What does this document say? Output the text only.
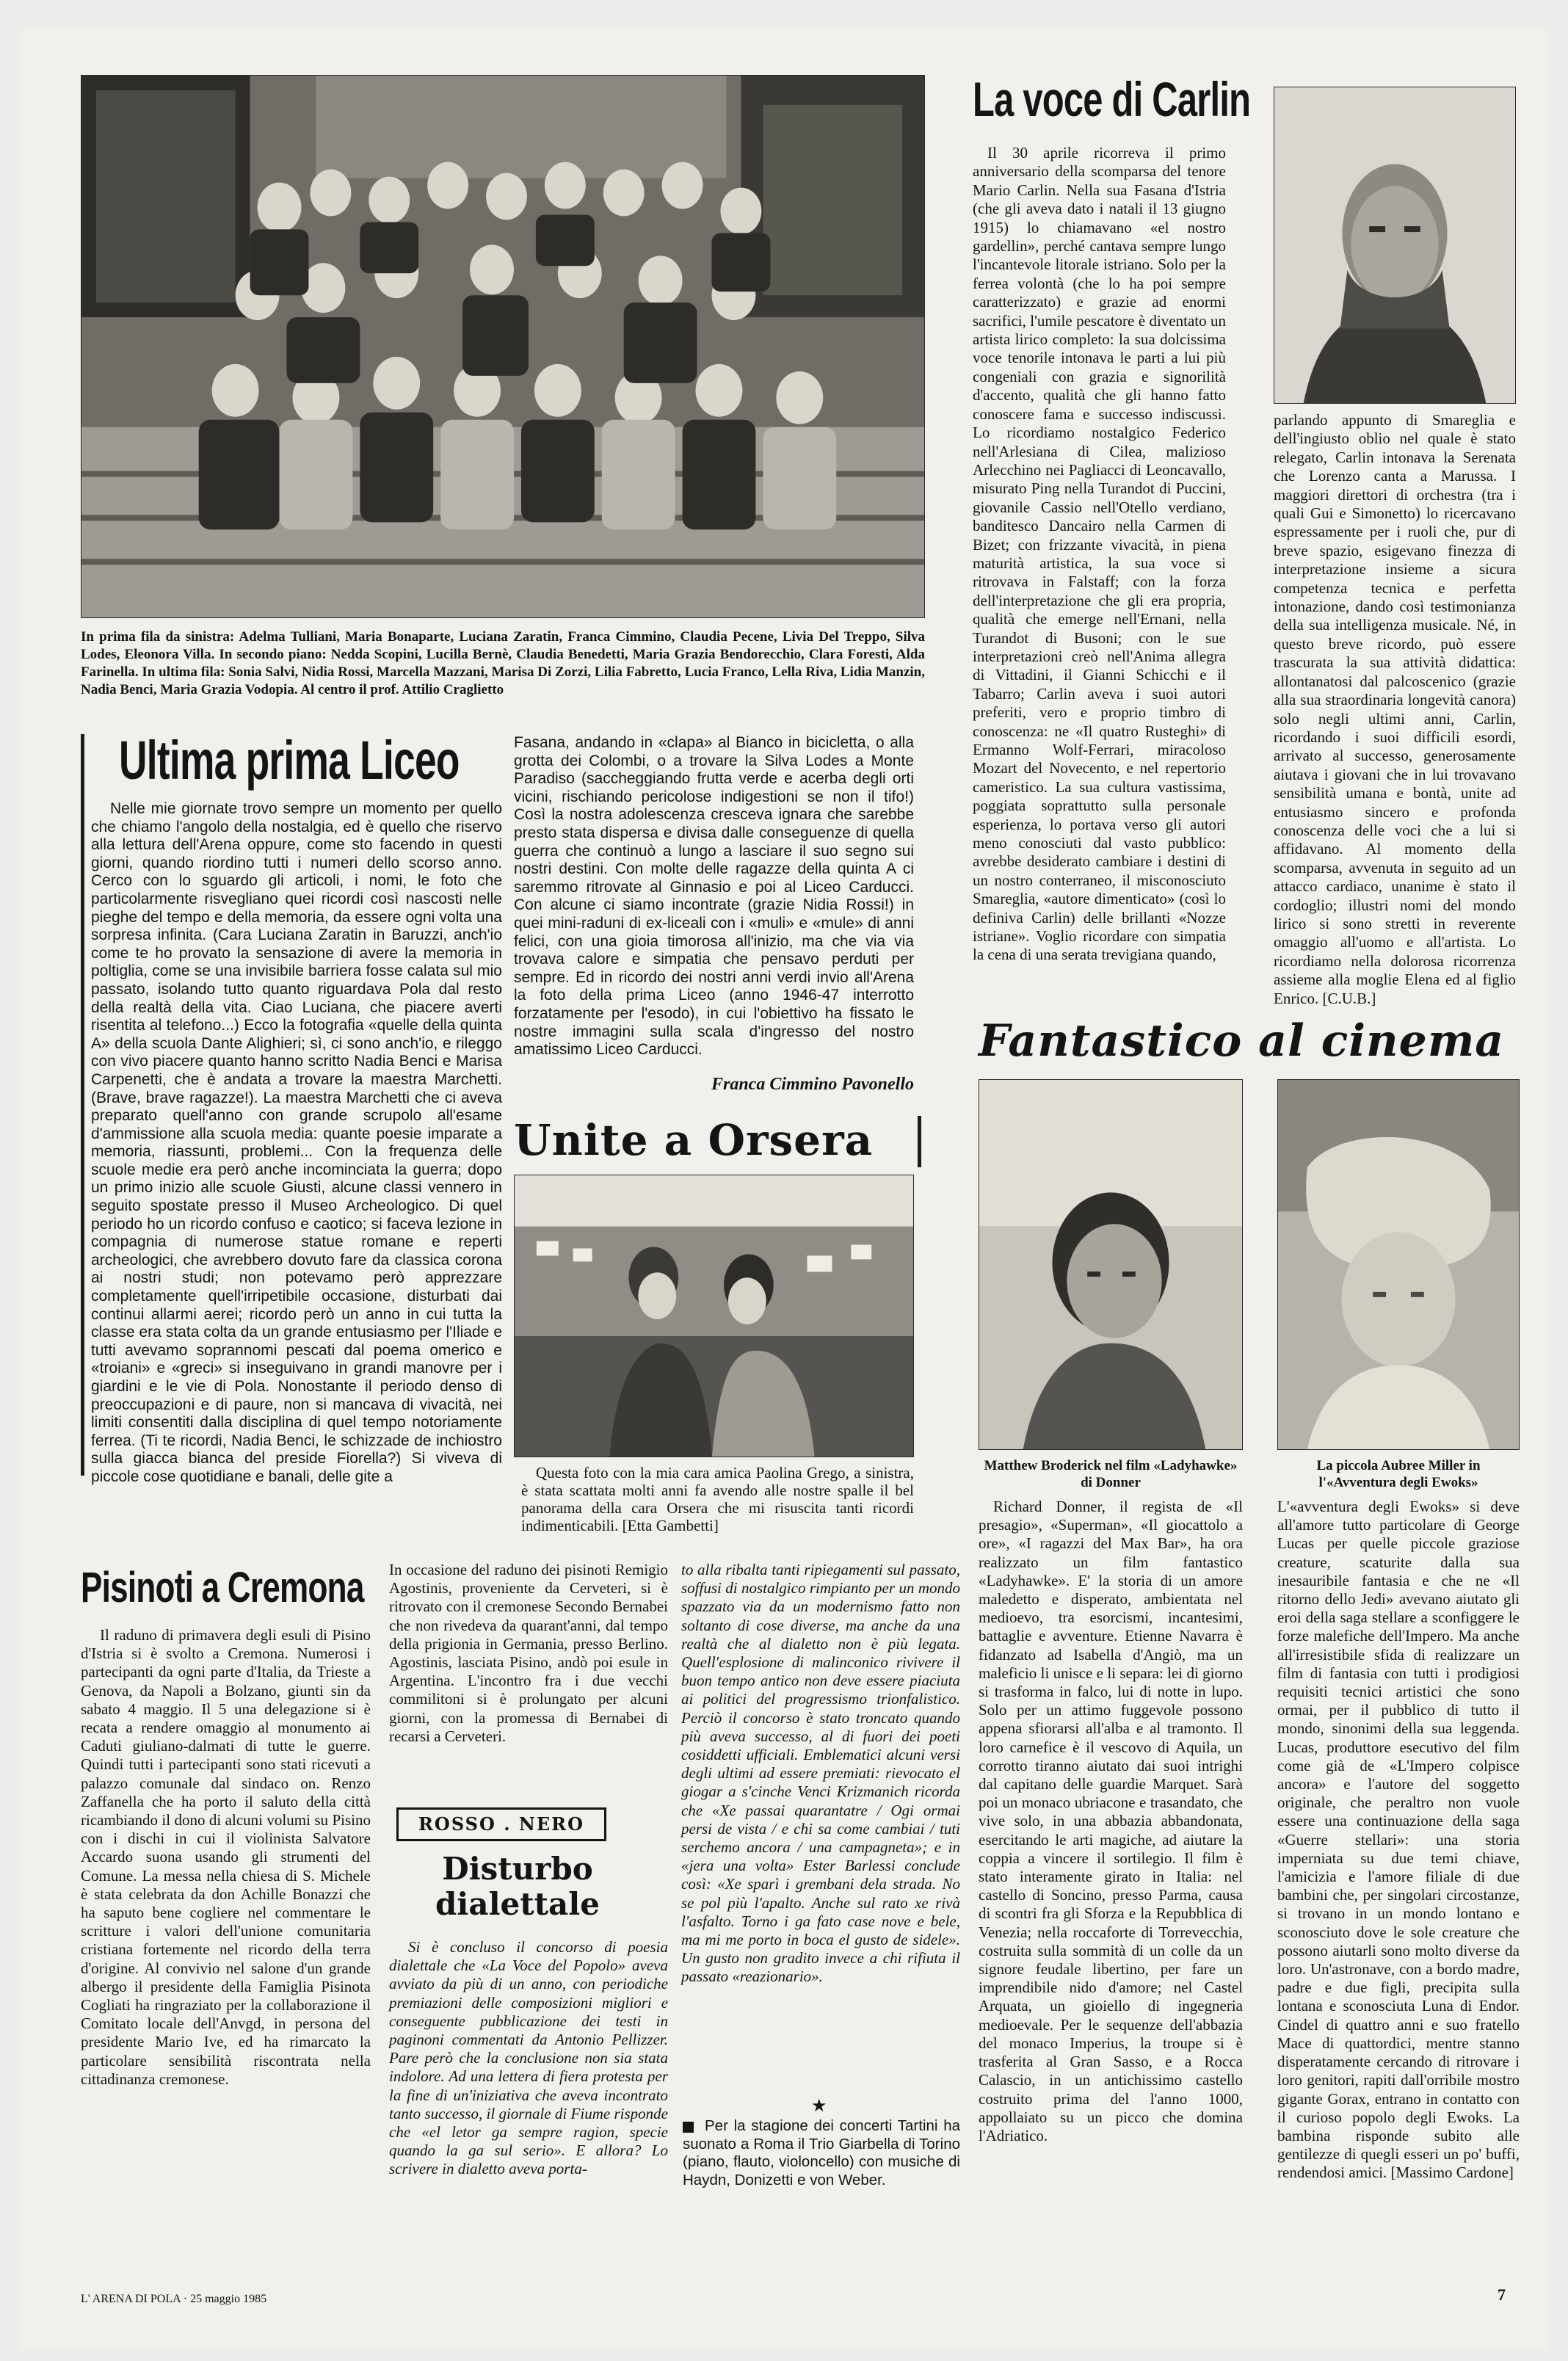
In prima fila da sinistra: Adelma Tulliani, Maria Bonaparte, Luciana Zaratin, Franca Cimmino, Claudia Pecene, Livia Del Treppo, Silva Lodes, Eleonora Villa. In secondo piano: Nedda Scopini, Lucilla Bernè, Claudia Benedetti, Maria Grazia Bendorecchio, Clara Foresti, Alda Farinella. In ultima fila: Sonia Salvi, Nidia Rossi, Marcella Mazzani, Marisa Di Zorzi, Lilia Fabretto, Lucia Franco, Lella Riva, Lidia Manzin, Nadia Benci, Maria Grazia Vodopia. Al centro il prof. Attilio Craglietto
La voce di Carlin

Il 30 aprile ricorreva il primo anniversario della scomparsa del tenore Mario Carlin. Nella sua Fasana d'Istria (che gli aveva dato i natali il 13 giugno 1915) lo chiamavano «el nostro gardellin», perché cantava sempre lungo l'incantevole litorale istriano. Solo per la ferrea volontà (che lo ha poi sempre caratterizzato) e grazie ad enormi sacrifici, l'umile pescatore è diventato un artista lirico completo: la sua dolcissima voce tenorile intonava le parti a lui più congeniali con grazia e signorilità d'accento, qualità che gli hanno fatto conoscere fama e successo indiscussi. Lo ricordiamo nostalgico Federico nell'Arlesiana di Cilea, malizioso Arlecchino nei Pagliacci di Leoncavallo, misurato Ping nella Turandot di Puccini, giovanile Cassio nell'Otello verdiano, banditesco Dancairo nella Carmen di Bizet; con frizzante vivacità, in piena maturità artistica, la sua voce si ritrovava in Falstaff; con la forza dell'interpretazione che gli era propria, qualità che emerge nell'Ernani, nella Turandot di Busoni; con le sue interpretazioni creò nell'Anima allegra di Vittadini, il Gianni Schicchi e il Tabarro; Carlin aveva i suoi autori preferiti, vero e proprio timbro di conoscenza: ne «Il quatro Rusteghi» di Ermanno Wolf-Ferrari, miracoloso Mozart del Novecento, e nel repertorio cameristico. La sua cultura vastissima, poggiata soprattutto sulla personale esperienza, lo portava verso gli autori meno conosciuti dal vasto pubblico: avrebbe desiderato cambiare i destini di un nostro conterraneo, il misconosciuto Smareglia, «autore dimenticato» (così lo definiva Carlin) delle brillanti «Nozze istriane». Voglio ricordare con simpatia la cena di una serata trevigiana quando,

parlando appunto di Smareglia e dell'ingiusto oblio nel quale è stato relegato, Carlin intonava la Serenata che Lorenzo canta a Marussa. I maggiori direttori di orchestra (tra i quali Gui e Simonetto) lo ricercavano espressamente per i ruoli che, pur di breve spazio, esigevano finezza di interpretazione insieme a sicura competenza tecnica e perfetta intonazione, dando così testimonianza della sua intelligenza musicale. Né, in questo breve ricordo, può essere trascurata la sua attività didattica: allontanatosi dal palcoscenico (grazie alla sua straordinaria longevità canora) solo negli ultimi anni, Carlin, ricordando i suoi difficili esordi, arrivato al successo, generosamente aiutava i giovani che in lui trovavano sensibilità umana e bontà, unite ad entusiasmo sincero e profonda conoscenza delle voci che a lui si affidavano. Al momento della scomparsa, avvenuta in seguito ad un attacco cardiaco, unanime è stato il cordoglio; illustri nomi del mondo lirico si sono stretti in reverente omaggio all'uomo e all'artista. Lo ricordiamo nella dolorosa ricorrenza assieme alla moglie Elena ed al figlio Enrico. [C.U.B.]

Ultima prima Liceo

Nelle mie giornate trovo sempre un momento per quello che chiamo l'angolo della nostalgia, ed è quello che riservo alla lettura dell'Arena oppure, come sto facendo in questi giorni, quando riordino tutti i numeri dello scorso anno. Cerco con lo sguardo gli articoli, i nomi, le foto che particolarmente risvegliano quei ricordi così nascosti nelle pieghe del tempo e della memoria, da essere ogni volta una sorpresa infinita. (Cara Luciana Zaratin in Baruzzi, anch'io come te ho provato la sensazione di avere la memoria in poltiglia, come se una invisibile barriera fosse calata sul mio passato, isolando tutto quanto riguardava Pola dal resto della realtà della vita. Ciao Luciana, che piacere averti risentita al telefono...) Ecco la fotografia «quelle della quinta A» della scuola Dante Alighieri; sì, ci sono anch'io, e rileggo con vivo piacere quanto hanno scritto Nadia Benci e Marisa Carpenetti, che è andata a trovare la maestra Marchetti. (Brave, brave ragazze!). La maestra Marchetti che ci aveva preparato quell'anno con grande scrupolo all'esame d'ammissione alla scuola media: quante poesie imparate a memoria, riassunti, problemi... Con la frequenza delle scuole medie era però anche incominciata la guerra; dopo un primo inizio alle scuole Giusti, alcune classi vennero in seguito spostate presso il Museo Archeologico. Di quel periodo ho un ricordo confuso e caotico; si faceva lezione in compagnia di numerose statue romane e reperti archeologici, che avrebbero dovuto fare da classica corona ai nostri studi; non potevamo però apprezzare completamente quell'irripetibile occasione, disturbati dai continui allarmi aerei; ricordo però un anno in cui tutta la classe era stata colta da un grande entusiasmo per l'Iliade e tutti avevamo soprannomi pescati dal poema omerico e «troiani» e «greci» si inseguivano in grandi manovre per i giardini e le vie di Pola. Nonostante il periodo denso di preoccupazioni e di paure, non si mancava di vivacità, nei limiti consentiti dalla disciplina di quel tempo notoriamente ferrea. (Ti te ricordi, Nadia Benci, le schizzade de inchiostro sulla giacca bianca del preside Fiorella?) Si viveva di piccole cose quotidiane e banali, delle gite a

Fasana, andando in «clapa» al Bianco in bicicletta, o alla grotta dei Colombi, o a trovare la Silva Lodes a Monte Paradiso (saccheggiando frutta verde e acerba degli orti vicini, rischiando pericolose indigestioni se non il tifo!) Così la nostra adolescenza cresceva ignara che sarebbe presto stata dispersa e divisa dalle conseguenze di quella guerra che continuò a lungo a lasciare il suo segno sui nostri destini. Con molte delle ragazze della quinta A ci saremmo ritrovate al Ginnasio e poi al Liceo Carducci. Con alcune ci siamo incontrate (grazie Nidia Rossi!) in quei mini-raduni di ex-liceali con i «muli» e «mule» di anni felici, con una gioia timorosa all'inizio, ma che via via trovava calore e simpatia che pensavo perduti per sempre. Ed in ricordo dei nostri anni verdi invio all'Arena la foto della prima Liceo (anno 1946-47 interrotto forzatamente per l'esodo), in cui l'obiettivo ha fissato le nostre immagini sulla scala d'ingresso del nostro amatissimo Liceo Carducci.

Franca Cimmino Pavonello
Unite a Orsera
Questa foto con la mia cara amica Paolina Grego, a sinistra, è stata scattata molti anni fa avendo alle nostre spalle il bel panorama della cara Orsera che mi risuscita tanti ricordi indimenticabili. [Etta Gambetti]
Fantastico al cinema
Matthew Broderick nel film «Ladyhawke» di Donner
La piccola Aubree Miller in l'«Avventura degli Ewoks»

Richard Donner, il regista de «Il presagio», «Superman», «Il giocattolo a ore», «I ragazzi del Max Bar», ha ora realizzato un film fantastico «Ladyhawke». E' la storia di un amore maledetto e disperato, ambientata nel medioevo, tra esorcismi, incantesimi, battaglie e avventure. Etienne Navarra è fidanzato ad Isabella d'Angiò, ma un maleficio li unisce e li separa: lei di giorno si trasforma in falco, lui di notte in lupo. Solo per un attimo fuggevole possono appena sfiorarsi all'alba e al tramonto. Il loro carnefice è il vescovo di Aquila, un corrotto tiranno aiutato dai suoi intrighi dal capitano delle guardie Marquet. Sarà poi un monaco ubriacone e trasandato, che vive solo, in una abbazia abbandonata, esercitando le arti magiche, ad aiutare la coppia a vincere il sortilegio. Il film è stato interamente girato in Italia: nel castello di Soncino, presso Parma, causa di scontri fra gli Sforza e la Repubblica di Venezia; nella roccaforte di Torrevecchia, costruita sulla sommità di un colle da un signore feudale libertino, per fare un imprendibile nido d'amore; nel Castel Arquata, un gioiello di ingegneria medioevale. Per le sequenze dell'abbazia del monaco Imperius, la troupe si è trasferita al Gran Sasso, e a Rocca Calascio, in un antichissimo castello costruito prima del l'anno 1000, appollaiato su un picco che domina l'Adriatico.

L'«avventura degli Ewoks» si deve all'amore tutto particolare di George Lucas per quelle piccole graziose creature, scaturite dalla sua inesauribile fantasia e che ne «Il ritorno dello Jedi» avevano aiutato gli eroi della saga stellare a sconfiggere le forze malefiche dell'Impero. Ma anche all'irresistibile sfida di realizzare un film di fantasia con tutti i prodigiosi requisiti tecnici artistici che sono ormai, per il pubblico di tutto il mondo, sinonimi della sua leggenda. Lucas, produttore esecutivo del film come già de «L'Impero colpisce ancora» e l'autore del soggetto originale, che peraltro non vuole essere una continuazione della saga «Guerre stellari»: una storia imperniata su due temi chiave, l'amicizia e l'amore filiale di due bambini che, per singolari circostanze, si trovano in un mondo lontano e sconosciuto dove le sole creature che possono aiutarli sono molto diverse da loro. Un'astronave, con a bordo madre, padre e due figli, precipita sulla lontana e sconosciuta Luna di Endor. Cindel di quattro anni e suo fratello Mace di quattordici, mentre stanno disperatamente cercando di ritrovare i loro genitori, rapiti dall'orribile mostro gigante Gorax, entrano in contatto con il curioso popolo degli Ewoks. La bambina risponde subito alle gentilezze di quegli esseri un po' buffi, rendendosi amici. [Massimo Cardone]

Pisinoti a Cremona

Il raduno di primavera degli esuli di Pisino d'Istria si è svolto a Cremona. Numerosi i partecipanti da ogni parte d'Italia, da Trieste a Genova, da Napoli a Bolzano, giunti sin da sabato 4 maggio. Il 5 una delegazione si è recata a rendere omaggio al monumento ai Caduti giuliano-dalmati di tutte le guerre. Quindi tutti i partecipanti sono stati ricevuti a palazzo comunale dal sindaco on. Renzo Zaffanella che ha porto il saluto della città ricambiando il dono di alcuni volumi su Pisino con i dischi in cui il violinista Salvatore Accardo suona usando gli strumenti del Comune. La messa nella chiesa di S. Michele è stata celebrata da don Achille Bonazzi che ha saputo bene cogliere nel commentare le scritture i valori dell'unione comunitaria cristiana fortemente nel ricordo della terra d'origine. Al convivio nel salone d'un grande albergo il presidente della Famiglia Pisinota Cogliati ha ringraziato per la collaborazione il Comitato locale dell'Anvgd, in persona del presidente Mario Ive, ed ha rimarcato la particolare sensibilità riscontrata nella cittadinanza cremonese.

In occasione del raduno dei pisinoti Remigio Agostinis, proveniente da Cerveteri, si è ritrovato con il cremonese Secondo Bernabei che non rivedeva da quarant'anni, dal tempo della prigionia in Germania, presso Berlino. Agostinis, lasciata Pisino, andò poi esule in Argentina. L'incontro fra i due vecchi commilitoni si è prolungato per alcuni giorni, con la promessa di Bernabei di recarsi a Cerveteri.

ROSSO . NERO
Disturbo dialettale

Si è concluso il concorso di poesia dialettale che «La Voce del Popolo» aveva avviato da più di un anno, con periodiche premiazioni delle composizioni migliori e conseguente pubblicazione dei testi in paginoni commentati da Antonio Pellizzer. Pare però che la conclusione non sia stata indolore. Ad una lettera di fiera protesta per la fine di un'iniziativa che aveva incontrato tanto successo, il giornale di Fiume risponde che «el letor ga sempre ragion, specie quando la ga sul serio». E allora? Lo scrivere in dialetto aveva porta-

to alla ribalta tanti ripiegamenti sul passato, soffusi di nostalgico rimpianto per un mondo spazzato via da un modernismo fatto non soltanto di cose diverse, ma anche da una realtà che al dialetto non è più legata. Quell'esplosione di malinconico rivivere il buon tempo antico non deve essere piaciuta ai politici del progressismo trionfalistico. Perciò il concorso è stato troncato quando più aveva successo, al di fuori dei poeti cosiddetti ufficiali. Emblematici alcuni versi degli ultimi ad essere premiati: rievocato el giogar a s'cinche Venci Krizmanich ricorda che «Xe passai quarantatre / Ogi ormai persi de vista / e chi sa come cambiai / tuti serchemo ancora / una campagneta»; e in «jera una volta» Ester Barlessi conclude così: «Xe sparì i grembani dela strada. No se pol più l'apalto. Anche sul rato xe rivà l'asfalto. Torno i ga fato case nove e bele, ma mi me porto in boca el gusto de sidele». Un gusto non gradito invece a chi rifiuta il passato «reazionario».

★

Per la stagione dei concerti Tartini ha suonato a Roma il Trio Giarbella di Torino (piano, flauto, violoncello) con musiche di Haydn, Donizetti e von Weber.

L' ARENA DI POLA · 25 maggio 1985	7
